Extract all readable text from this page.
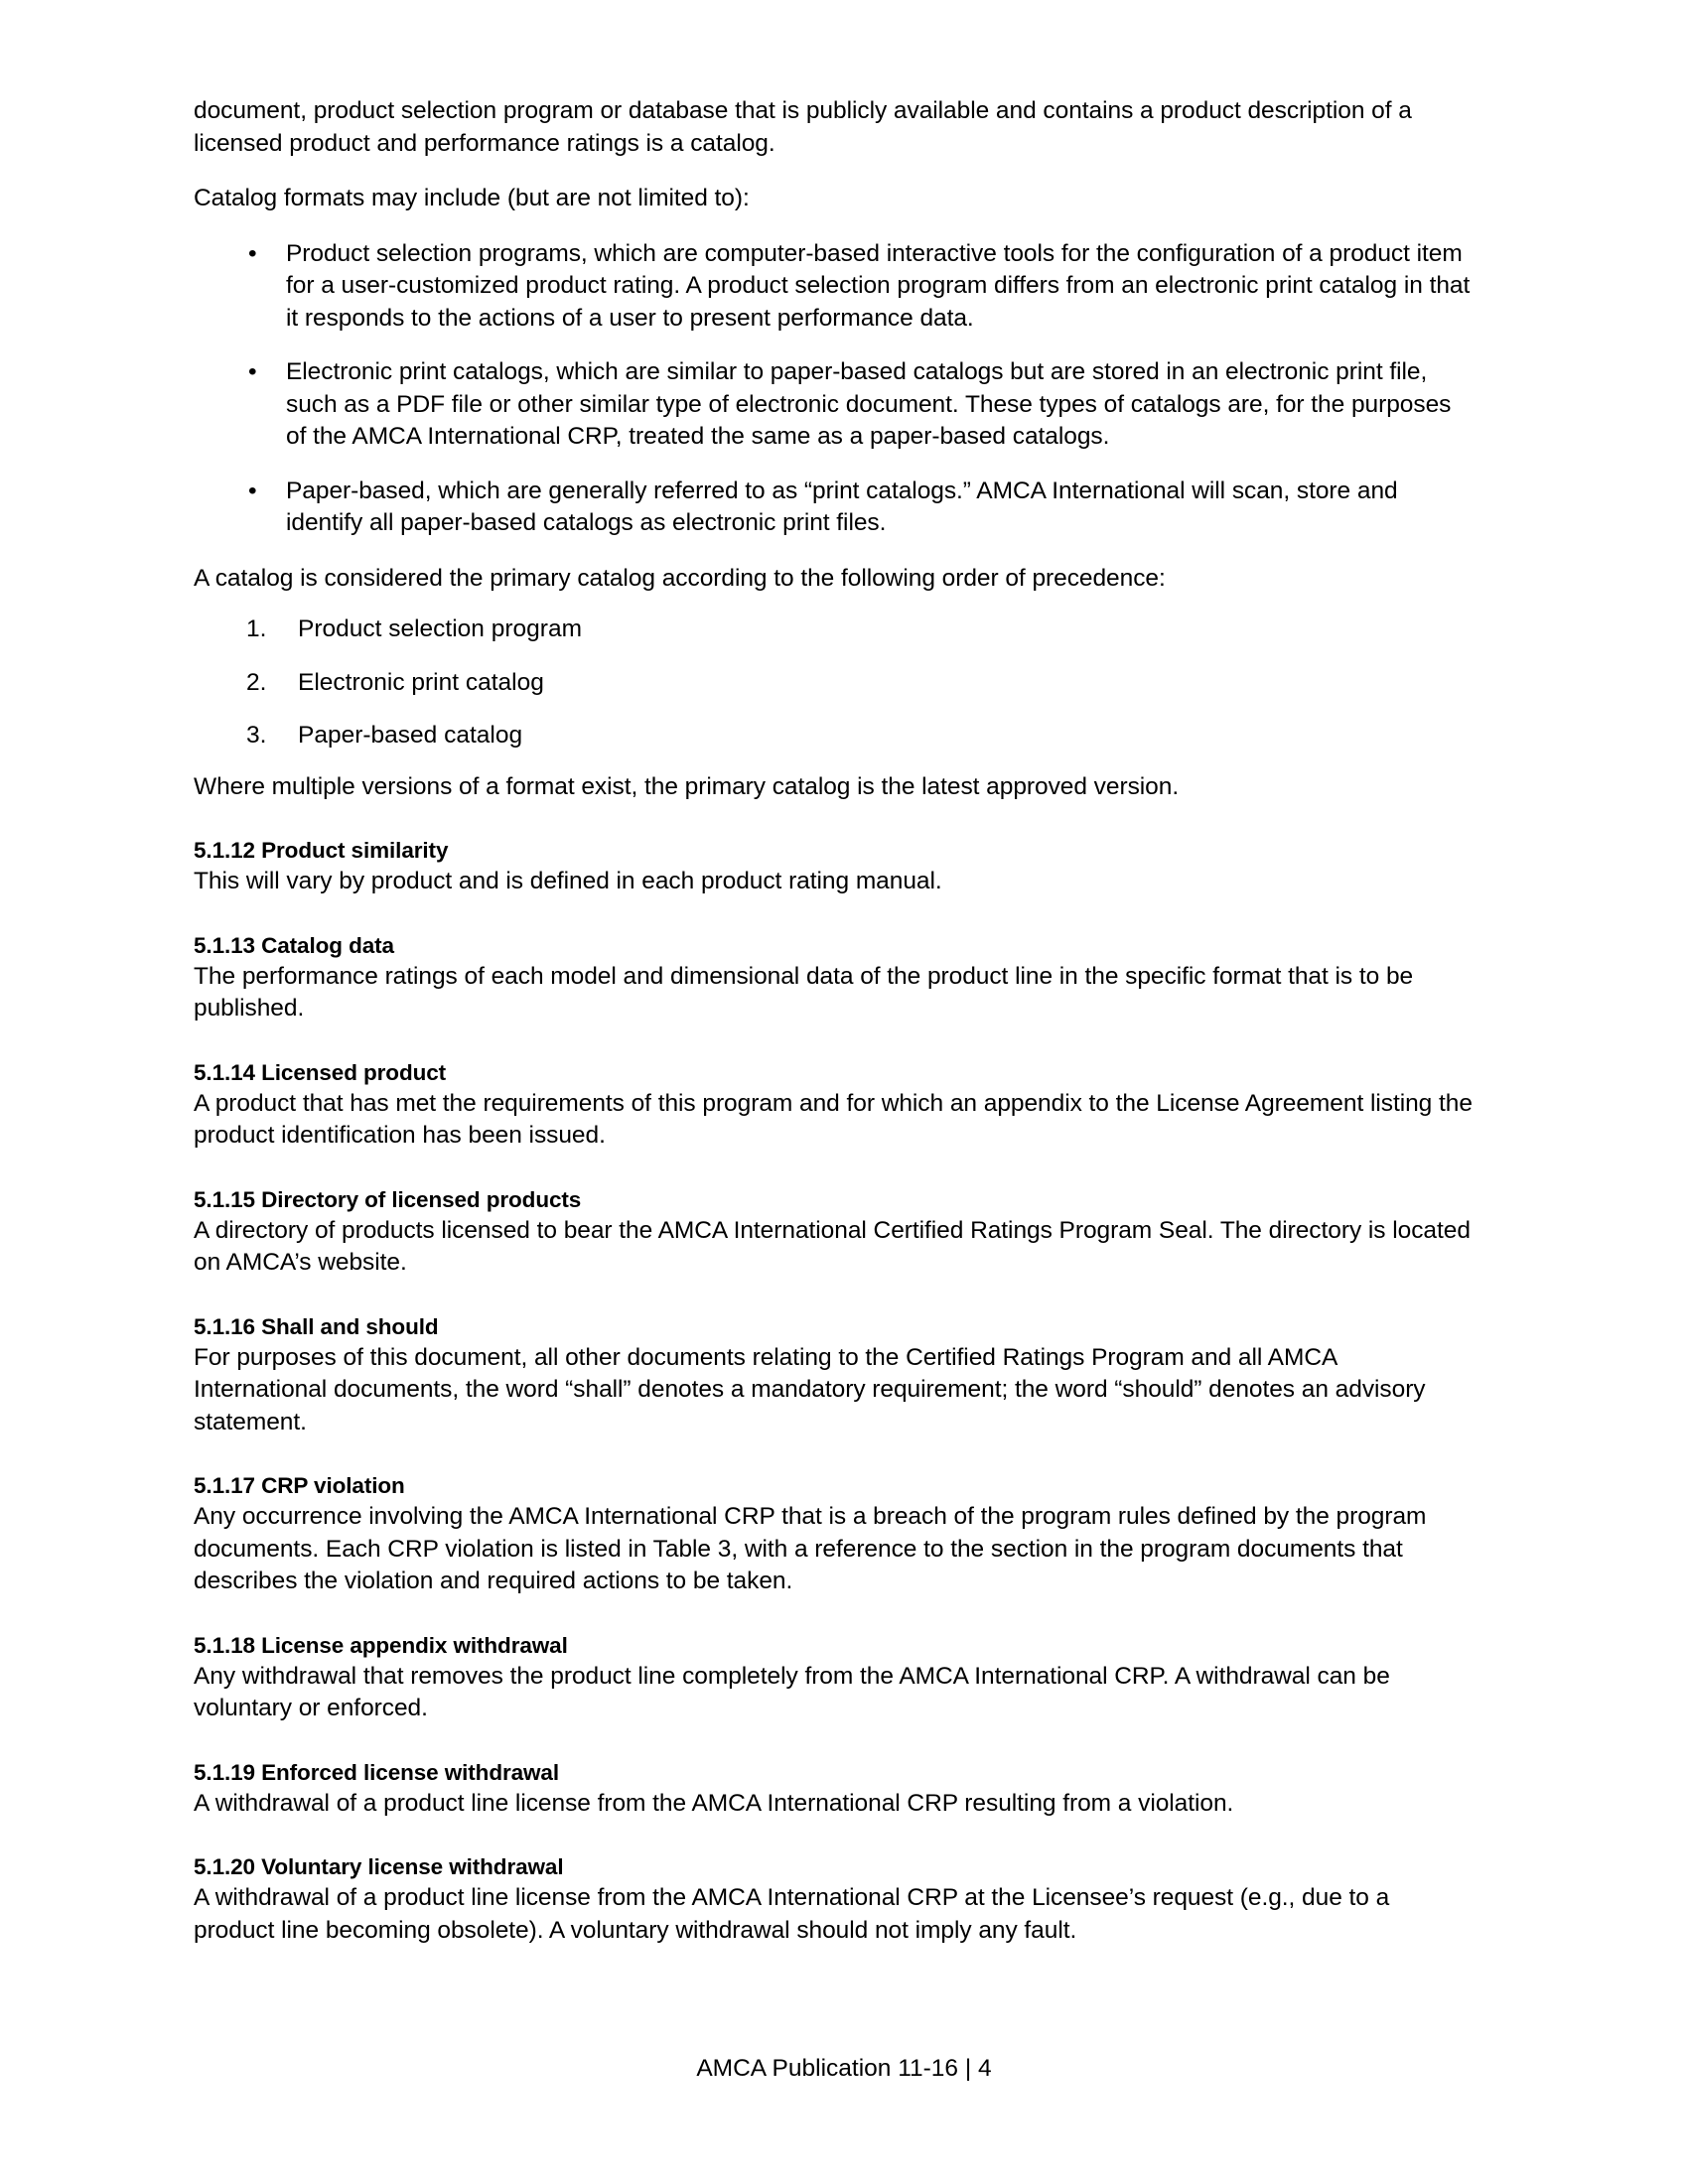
document, product selection program or database that is publicly available and contains a product description of a licensed product and performance ratings is a catalog.

Catalog formats may include (but are not limited to):

• Product selection programs, which are computer-based interactive tools for the configuration of a product item for a user-customized product rating. A product selection program differs from an electronic print catalog in that it responds to the actions of a user to present performance data.
• Electronic print catalogs, which are similar to paper-based catalogs but are stored in an electronic print file, such as a PDF file or other similar type of electronic document. These types of catalogs are, for the purposes of the AMCA International CRP, treated the same as a paper-based catalogs.
• Paper-based, which are generally referred to as “print catalogs.” AMCA International will scan, store and identify all paper-based catalogs as electronic print files.

A catalog is considered the primary catalog according to the following order of precedence:

1. Product selection program
2. Electronic print catalog
3. Paper-based catalog

Where multiple versions of a format exist, the primary catalog is the latest approved version.

5.1.12 Product similarity

This will vary by product and is defined in each product rating manual.

5.1.13 Catalog data

The performance ratings of each model and dimensional data of the product line in the specific format that is to be published.

5.1.14 Licensed product

A product that has met the requirements of this program and for which an appendix to the License Agreement listing the product identification has been issued.

5.1.15 Directory of licensed products

A directory of products licensed to bear the AMCA International Certified Ratings Program Seal. The directory is located on AMCA’s website.

5.1.16 Shall and should

For purposes of this document, all other documents relating to the Certified Ratings Program and all AMCA International documents, the word “shall” denotes a mandatory requirement; the word “should” denotes an advisory statement.

5.1.17 CRP violation

Any occurrence involving the AMCA International CRP that is a breach of the program rules defined by the program documents. Each CRP violation is listed in Table 3, with a reference to the section in the program documents that describes the violation and required actions to be taken.

5.1.18 License appendix withdrawal

Any withdrawal that removes the product line completely from the AMCA International CRP. A withdrawal can be voluntary or enforced.

5.1.19 Enforced license withdrawal

A withdrawal of a product line license from the AMCA International CRP resulting from a violation.

5.1.20 Voluntary license withdrawal

A withdrawal of a product line license from the AMCA International CRP at the Licensee’s request (e.g., due to a product line becoming obsolete). A voluntary withdrawal should not imply any fault.

AMCA Publication 11-16 | 4
